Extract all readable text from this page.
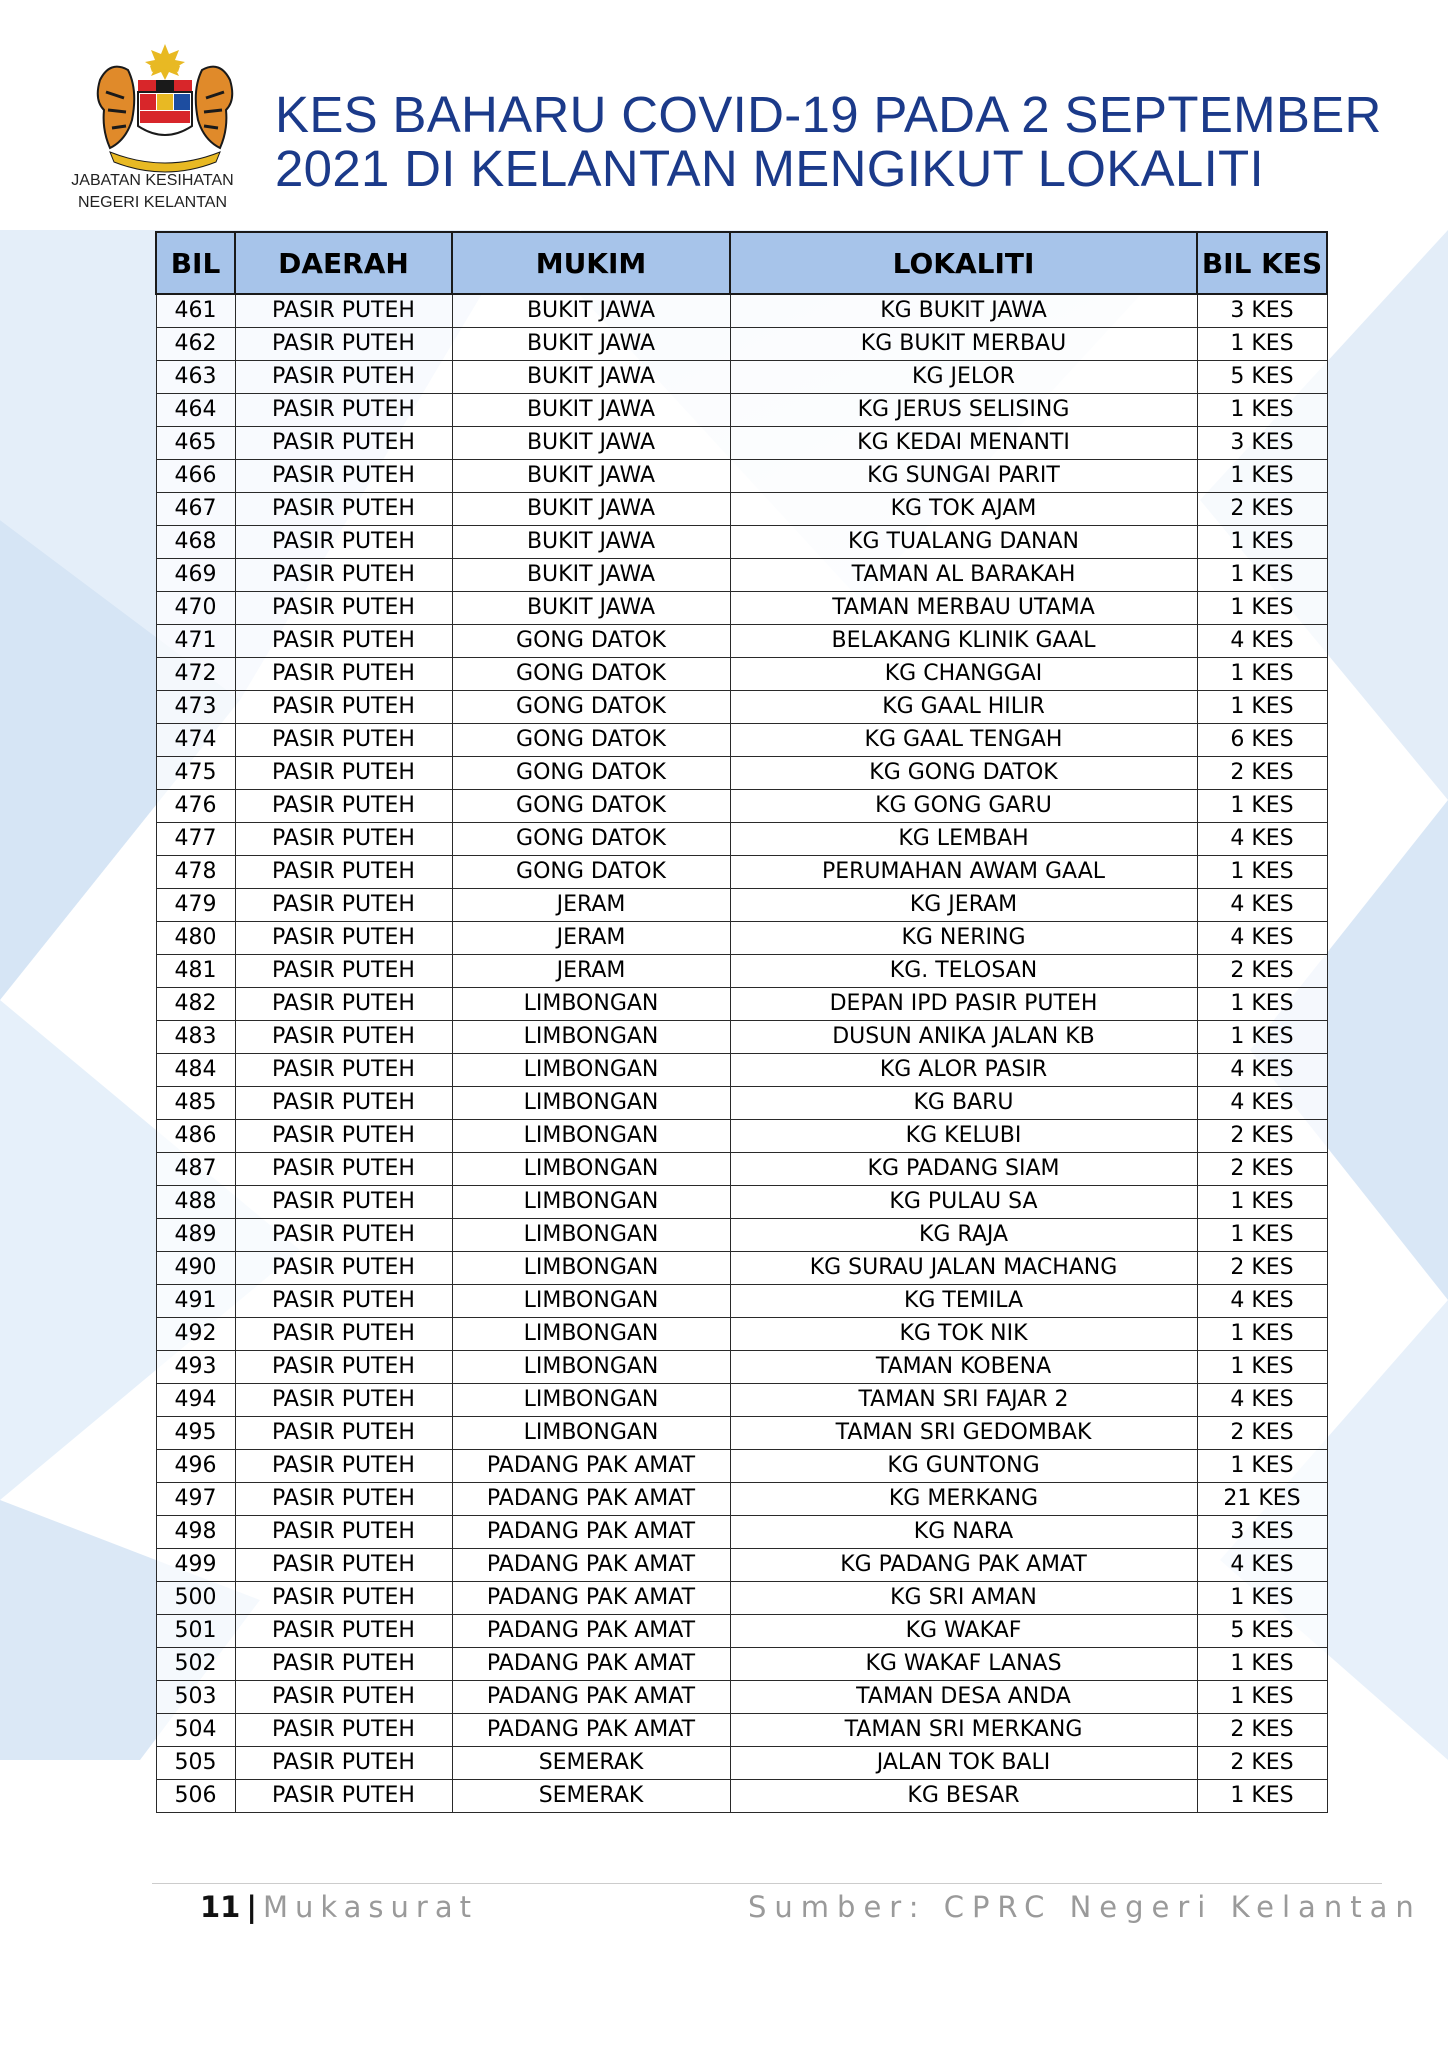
JABATAN KESIHATAN
NEGERI KELANTAN
KES BAHARU COVID-19 PADA 2 SEPTEMBER
2021 DI KELANTAN MENGIKUT LOKALITI
BIL	DAERAH	MUKIM	LOKALITI	BIL KES
461	PASIR PUTEH	BUKIT JAWA	KG BUKIT JAWA	3 KES
462	PASIR PUTEH	BUKIT JAWA	KG BUKIT MERBAU	1 KES
463	PASIR PUTEH	BUKIT JAWA	KG JELOR	5 KES
464	PASIR PUTEH	BUKIT JAWA	KG JERUS SELISING	1 KES
465	PASIR PUTEH	BUKIT JAWA	KG KEDAI MENANTI	3 KES
466	PASIR PUTEH	BUKIT JAWA	KG SUNGAI PARIT	1 KES
467	PASIR PUTEH	BUKIT JAWA	KG TOK AJAM	2 KES
468	PASIR PUTEH	BUKIT JAWA	KG TUALANG DANAN	1 KES
469	PASIR PUTEH	BUKIT JAWA	TAMAN AL BARAKAH	1 KES
470	PASIR PUTEH	BUKIT JAWA	TAMAN MERBAU UTAMA	1 KES
471	PASIR PUTEH	GONG DATOK	BELAKANG KLINIK GAAL	4 KES
472	PASIR PUTEH	GONG DATOK	KG CHANGGAI	1 KES
473	PASIR PUTEH	GONG DATOK	KG GAAL HILIR	1 KES
474	PASIR PUTEH	GONG DATOK	KG GAAL TENGAH	6 KES
475	PASIR PUTEH	GONG DATOK	KG GONG DATOK	2 KES
476	PASIR PUTEH	GONG DATOK	KG GONG GARU	1 KES
477	PASIR PUTEH	GONG DATOK	KG LEMBAH	4 KES
478	PASIR PUTEH	GONG DATOK	PERUMAHAN AWAM GAAL	1 KES
479	PASIR PUTEH	JERAM	KG JERAM	4 KES
480	PASIR PUTEH	JERAM	KG NERING	4 KES
481	PASIR PUTEH	JERAM	KG. TELOSAN	2 KES
482	PASIR PUTEH	LIMBONGAN	DEPAN IPD PASIR PUTEH	1 KES
483	PASIR PUTEH	LIMBONGAN	DUSUN ANIKA JALAN KB	1 KES
484	PASIR PUTEH	LIMBONGAN	KG ALOR PASIR	4 KES
485	PASIR PUTEH	LIMBONGAN	KG BARU	4 KES
486	PASIR PUTEH	LIMBONGAN	KG KELUBI	2 KES
487	PASIR PUTEH	LIMBONGAN	KG PADANG SIAM	2 KES
488	PASIR PUTEH	LIMBONGAN	KG PULAU SA	1 KES
489	PASIR PUTEH	LIMBONGAN	KG RAJA	1 KES
490	PASIR PUTEH	LIMBONGAN	KG SURAU JALAN MACHANG	2 KES
491	PASIR PUTEH	LIMBONGAN	KG TEMILA	4 KES
492	PASIR PUTEH	LIMBONGAN	KG TOK NIK	1 KES
493	PASIR PUTEH	LIMBONGAN	TAMAN KOBENA	1 KES
494	PASIR PUTEH	LIMBONGAN	TAMAN SRI FAJAR 2	4 KES
495	PASIR PUTEH	LIMBONGAN	TAMAN SRI GEDOMBAK	2 KES
496	PASIR PUTEH	PADANG PAK AMAT	KG GUNTONG	1 KES
497	PASIR PUTEH	PADANG PAK AMAT	KG MERKANG	21 KES
498	PASIR PUTEH	PADANG PAK AMAT	KG NARA	3 KES
499	PASIR PUTEH	PADANG PAK AMAT	KG PADANG PAK AMAT	4 KES
500	PASIR PUTEH	PADANG PAK AMAT	KG SRI AMAN	1 KES
501	PASIR PUTEH	PADANG PAK AMAT	KG WAKAF	5 KES
502	PASIR PUTEH	PADANG PAK AMAT	KG WAKAF LANAS	1 KES
503	PASIR PUTEH	PADANG PAK AMAT	TAMAN DESA ANDA	1 KES
504	PASIR PUTEH	PADANG PAK AMAT	TAMAN SRI MERKANG	2 KES
505	PASIR PUTEH	SEMERAK	JALAN TOK BALI	2 KES
506	PASIR PUTEH	SEMERAK	KG BESAR	1 KES
11 | Mukasurat	Sumber: CPRC Negeri Kelantan
